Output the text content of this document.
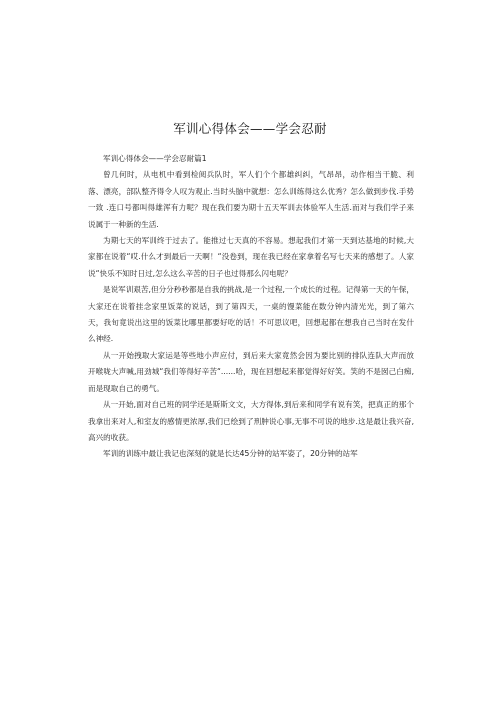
军训心得体会——学会忍耐

军训心得体会——学会忍耐篇1

曾几何时，从电机中看到检阅兵队时，军人们个个都雄纠纠，气昂昂，动作相当干脆、利落、漂亮，部队整齐得令人叹为观止.当时头脑中就想：怎么训练得这么优秀？怎么做到步伐.手势一致 .连口号都叫得雄浑有力呢？现在我们要为期十五天军训去体验军人生活.而对与我们学子来说属于一种新的生活.

为期七天的军训终于过去了。能推过七天真的不容易。想起我们才第一天到达基地的时候,大家都在说着“哎.什么才到最后一天啊！“没卷到，现在我已经在家拿着名写七天来的感想了。人家说“快乐不知时日过,怎么这么辛苦的日子也过得那么闪电呢？

是说军训艰苦,但分分秒秒都是自我的挑战,是一个过程,一个成长的过程。记得第一天的午保，大家还在说着挂念家里饭菜的说话，到了第四天，一桌的馒菜能在数分钟内清光光，到了第六天，我旬竟说出这里的饭菜比哪里都要好吃的话！不可思议吧，回想起都在想我自己当时在发什么神经.

从一开始拽取大家运是等些地小声应付，到后来大家竟然会因为要比别的排队连队大声而放开喉咙大声喊,用劲城“我们等得好辛苦“......哈，现在回想起来都觉得好好笑。笑的不是囡己白痴,而是现取自己的勇气。

从一开始,面对自己班的同学还是斯斯文文，大方得体,到后来和同学有说有笑，把真正的那个我拿出来对人,和室友的感情更浓厚,我们已绘到了刑肿说心事,无事不可说的地步.这是最让我兴奋,高兴的收获。

军训的训练中最让我记也深刻的就是长达45分钟的站军姿了，20分钟的站军
